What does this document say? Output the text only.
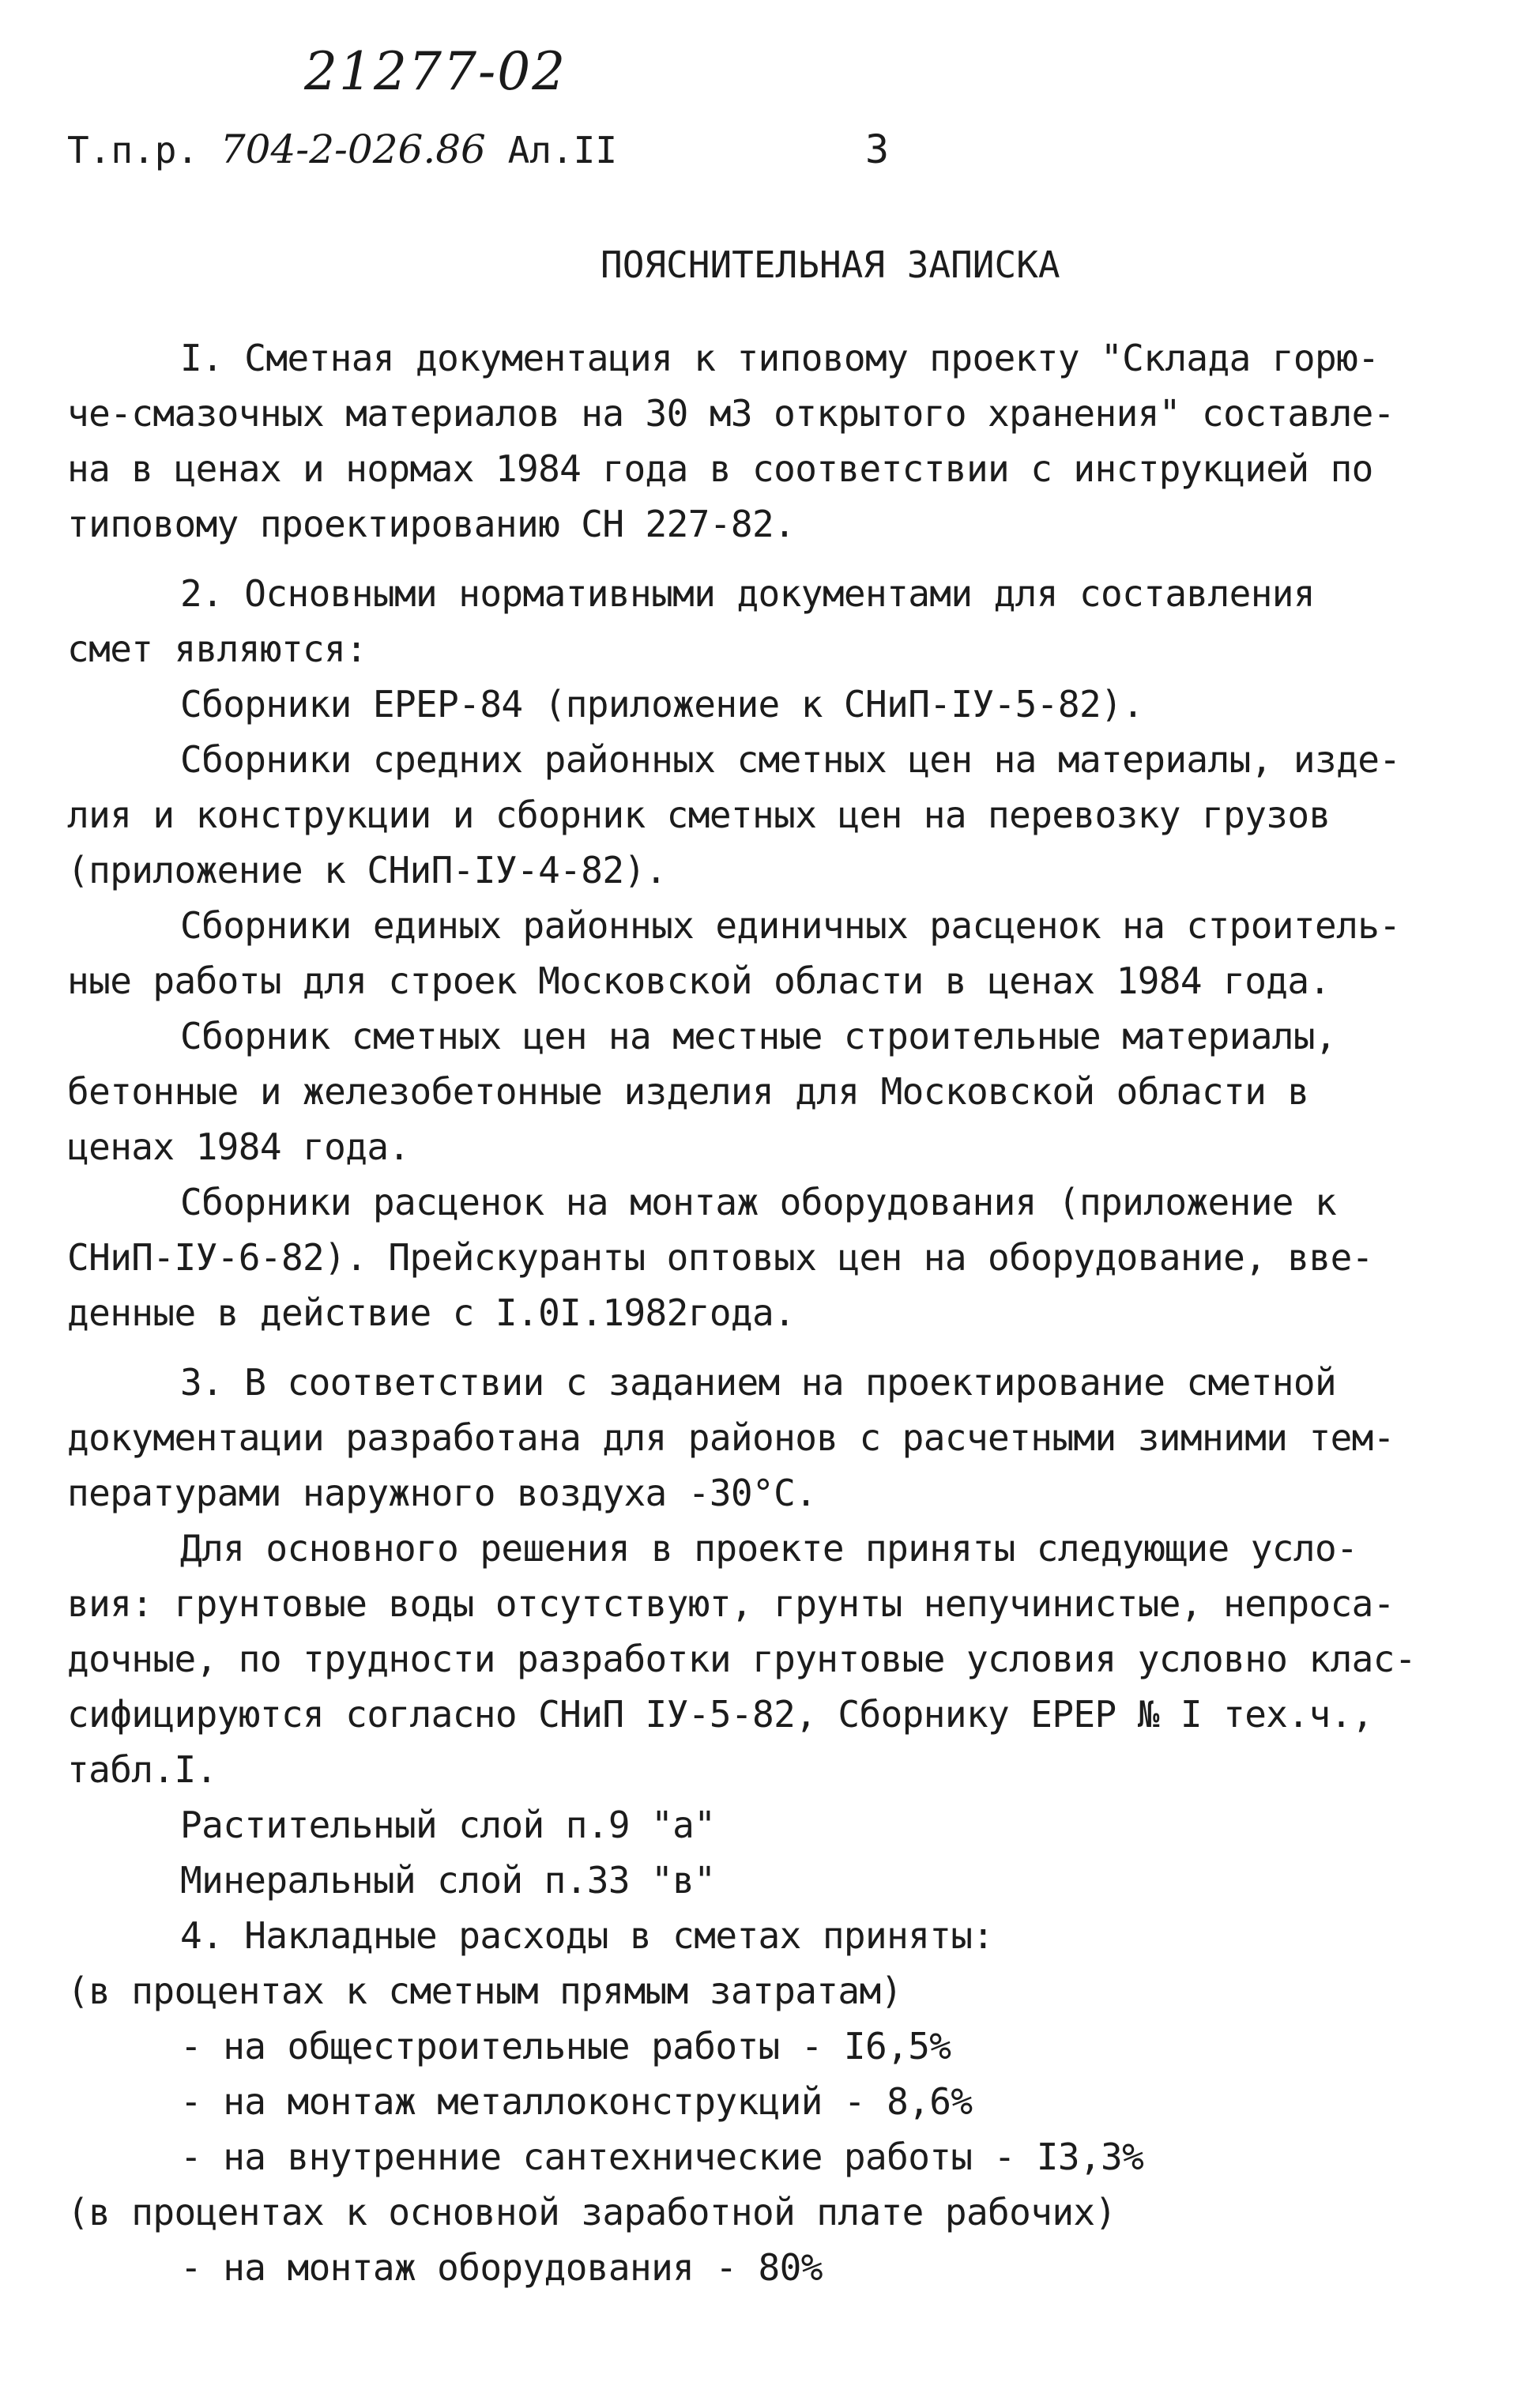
21277-02
Т.п.р. 704-2-026.86 Ал.II	3
ПОЯСНИТЕЛЬНАЯ ЗАПИСКА
I. Сметная документация к типовому проекту "Склада горю-
че-смазочных материалов на 30 м3 открытого хранения" составле-
на в ценах и нормах 1984 года в соответствии с инструкцией по
типовому проектированию СН 227-82.
2. Основными нормативными документами для составления
смет являются:
Сборники ЕРЕР-84 (приложение к СНиП-IУ-5-82).
Сборники средних районных сметных цен на материалы, изде-
лия и конструкции и сборник сметных цен на перевозку грузов
(приложение к СНиП-IУ-4-82).
Сборники единых районных единичных расценок на строитель-
ные работы для строек Московской области в ценах 1984 года.
Сборник сметных цен на местные строительные материалы,
бетонные и железобетонные изделия для Московской области в
ценах 1984 года.
Сборники расценок на монтаж оборудования (приложение к
СНиП-IУ-6-82). Прейскуранты оптовых цен на оборудование, вве-
денные в действие с I.0I.1982года.
3. В соответствии с заданием на проектирование сметной
документации разработана для районов с расчетными зимними тем-
пературами наружного воздуха -30°С.
Для основного решения в проекте приняты следующие усло-
вия: грунтовые воды отсутствуют, грунты непучинистые, непроса-
дочные, по трудности разработки грунтовые условия условно клас-
сифицируются согласно СНиП IУ-5-82, Сборнику ЕРЕР № I тех.ч.,
табл.I.
Растительный слой п.9 "а"
Минеральный слой п.33 "в"
4. Накладные расходы в сметах приняты:
(в процентах к сметным прямым затратам)
- на общестроительные работы - I6,5%
- на монтаж металлоконструкций - 8,6%
- на внутренние сантехнические работы - I3,3%
(в процентах к основной заработной плате рабочих)
- на монтаж оборудования - 80%
